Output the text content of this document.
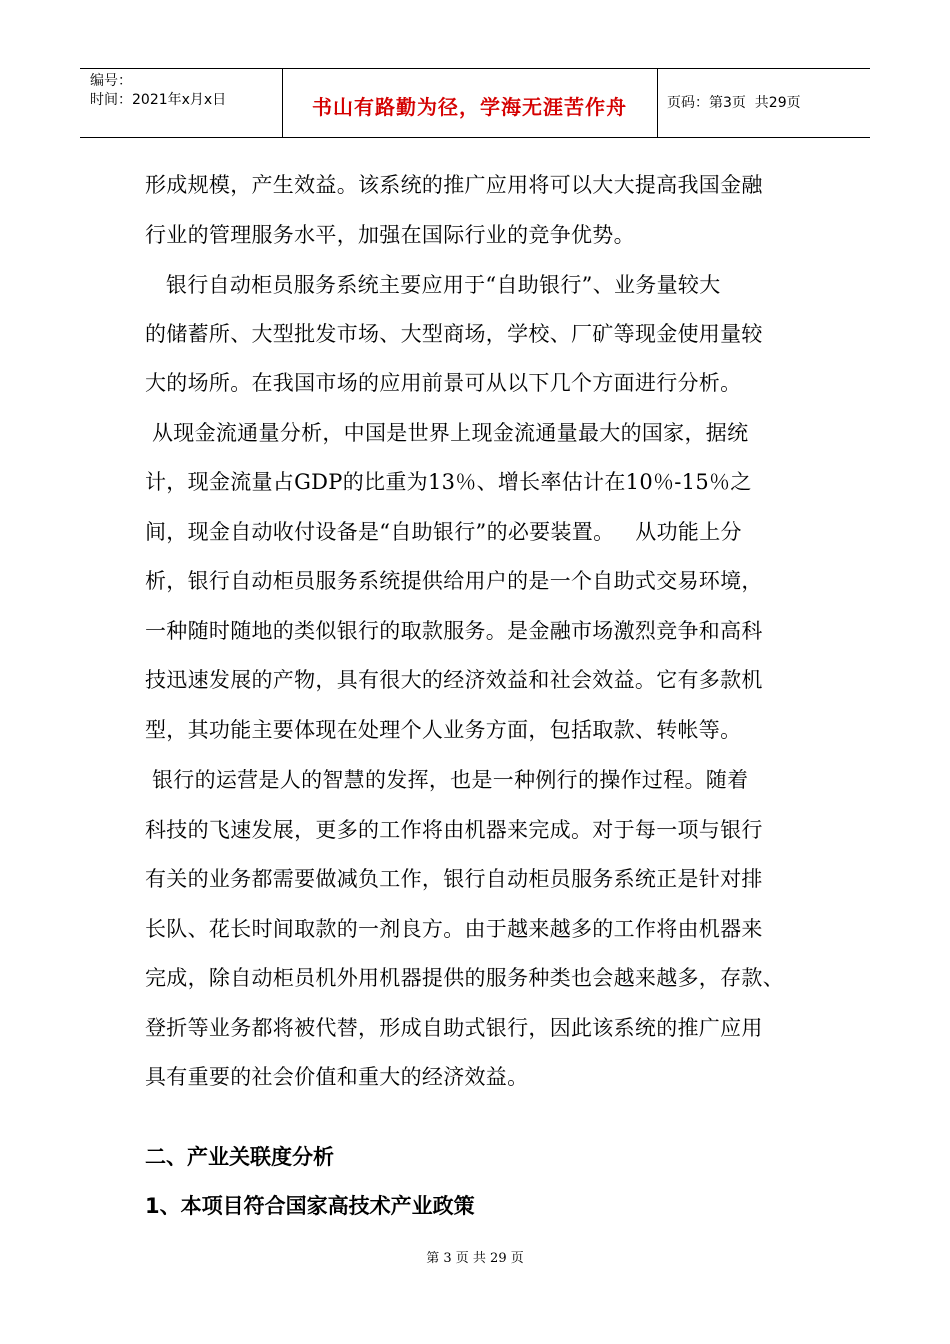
编号：
时间：2021年x月x日	书山有路勤为径，学海无涯苦作舟	页码：第3页  共29页
形成规模，产生效益。该系统的推广应用将可以大大提高我国金融
行业的管理服务水平，加强在国际行业的竞争优势。
银行自动柜员服务系统主要应用于“自助银行”、业务量较大
的储蓄所、大型批发市场、大型商场，学校、厂矿等现金使用量较
大的场所。在我国市场的应用前景可从以下几个方面进行分析。
从现金流通量分析，中国是世界上现金流通量最大的国家，据统
计，现金流量占GDP的比重为13％、增长率估计在10％-15％之
间，现金自动收付设备是“自助银行”的必要装置。   从功能上分
析，银行自动柜员服务系统提供给用户的是一个自助式交易环境，
一种随时随地的类似银行的取款服务。是金融市场激烈竞争和高科
技迅速发展的产物，具有很大的经济效益和社会效益。它有多款机
型，其功能主要体现在处理个人业务方面，包括取款、转帐等。
银行的运营是人的智慧的发挥，也是一种例行的操作过程。随着
科技的飞速发展，更多的工作将由机器来完成。对于每一项与银行
有关的业务都需要做减负工作，银行自动柜员服务系统正是针对排
长队、花长时间取款的一剂良方。由于越来越多的工作将由机器来
完成，除自动柜员机外用机器提供的服务种类也会越来越多，存款、
登折等业务都将被代替，形成自助式银行，因此该系统的推广应用
具有重要的社会价值和重大的经济效益。
二、产业关联度分析
1、本项目符合国家高技术产业政策
第 3 页 共 29 页
